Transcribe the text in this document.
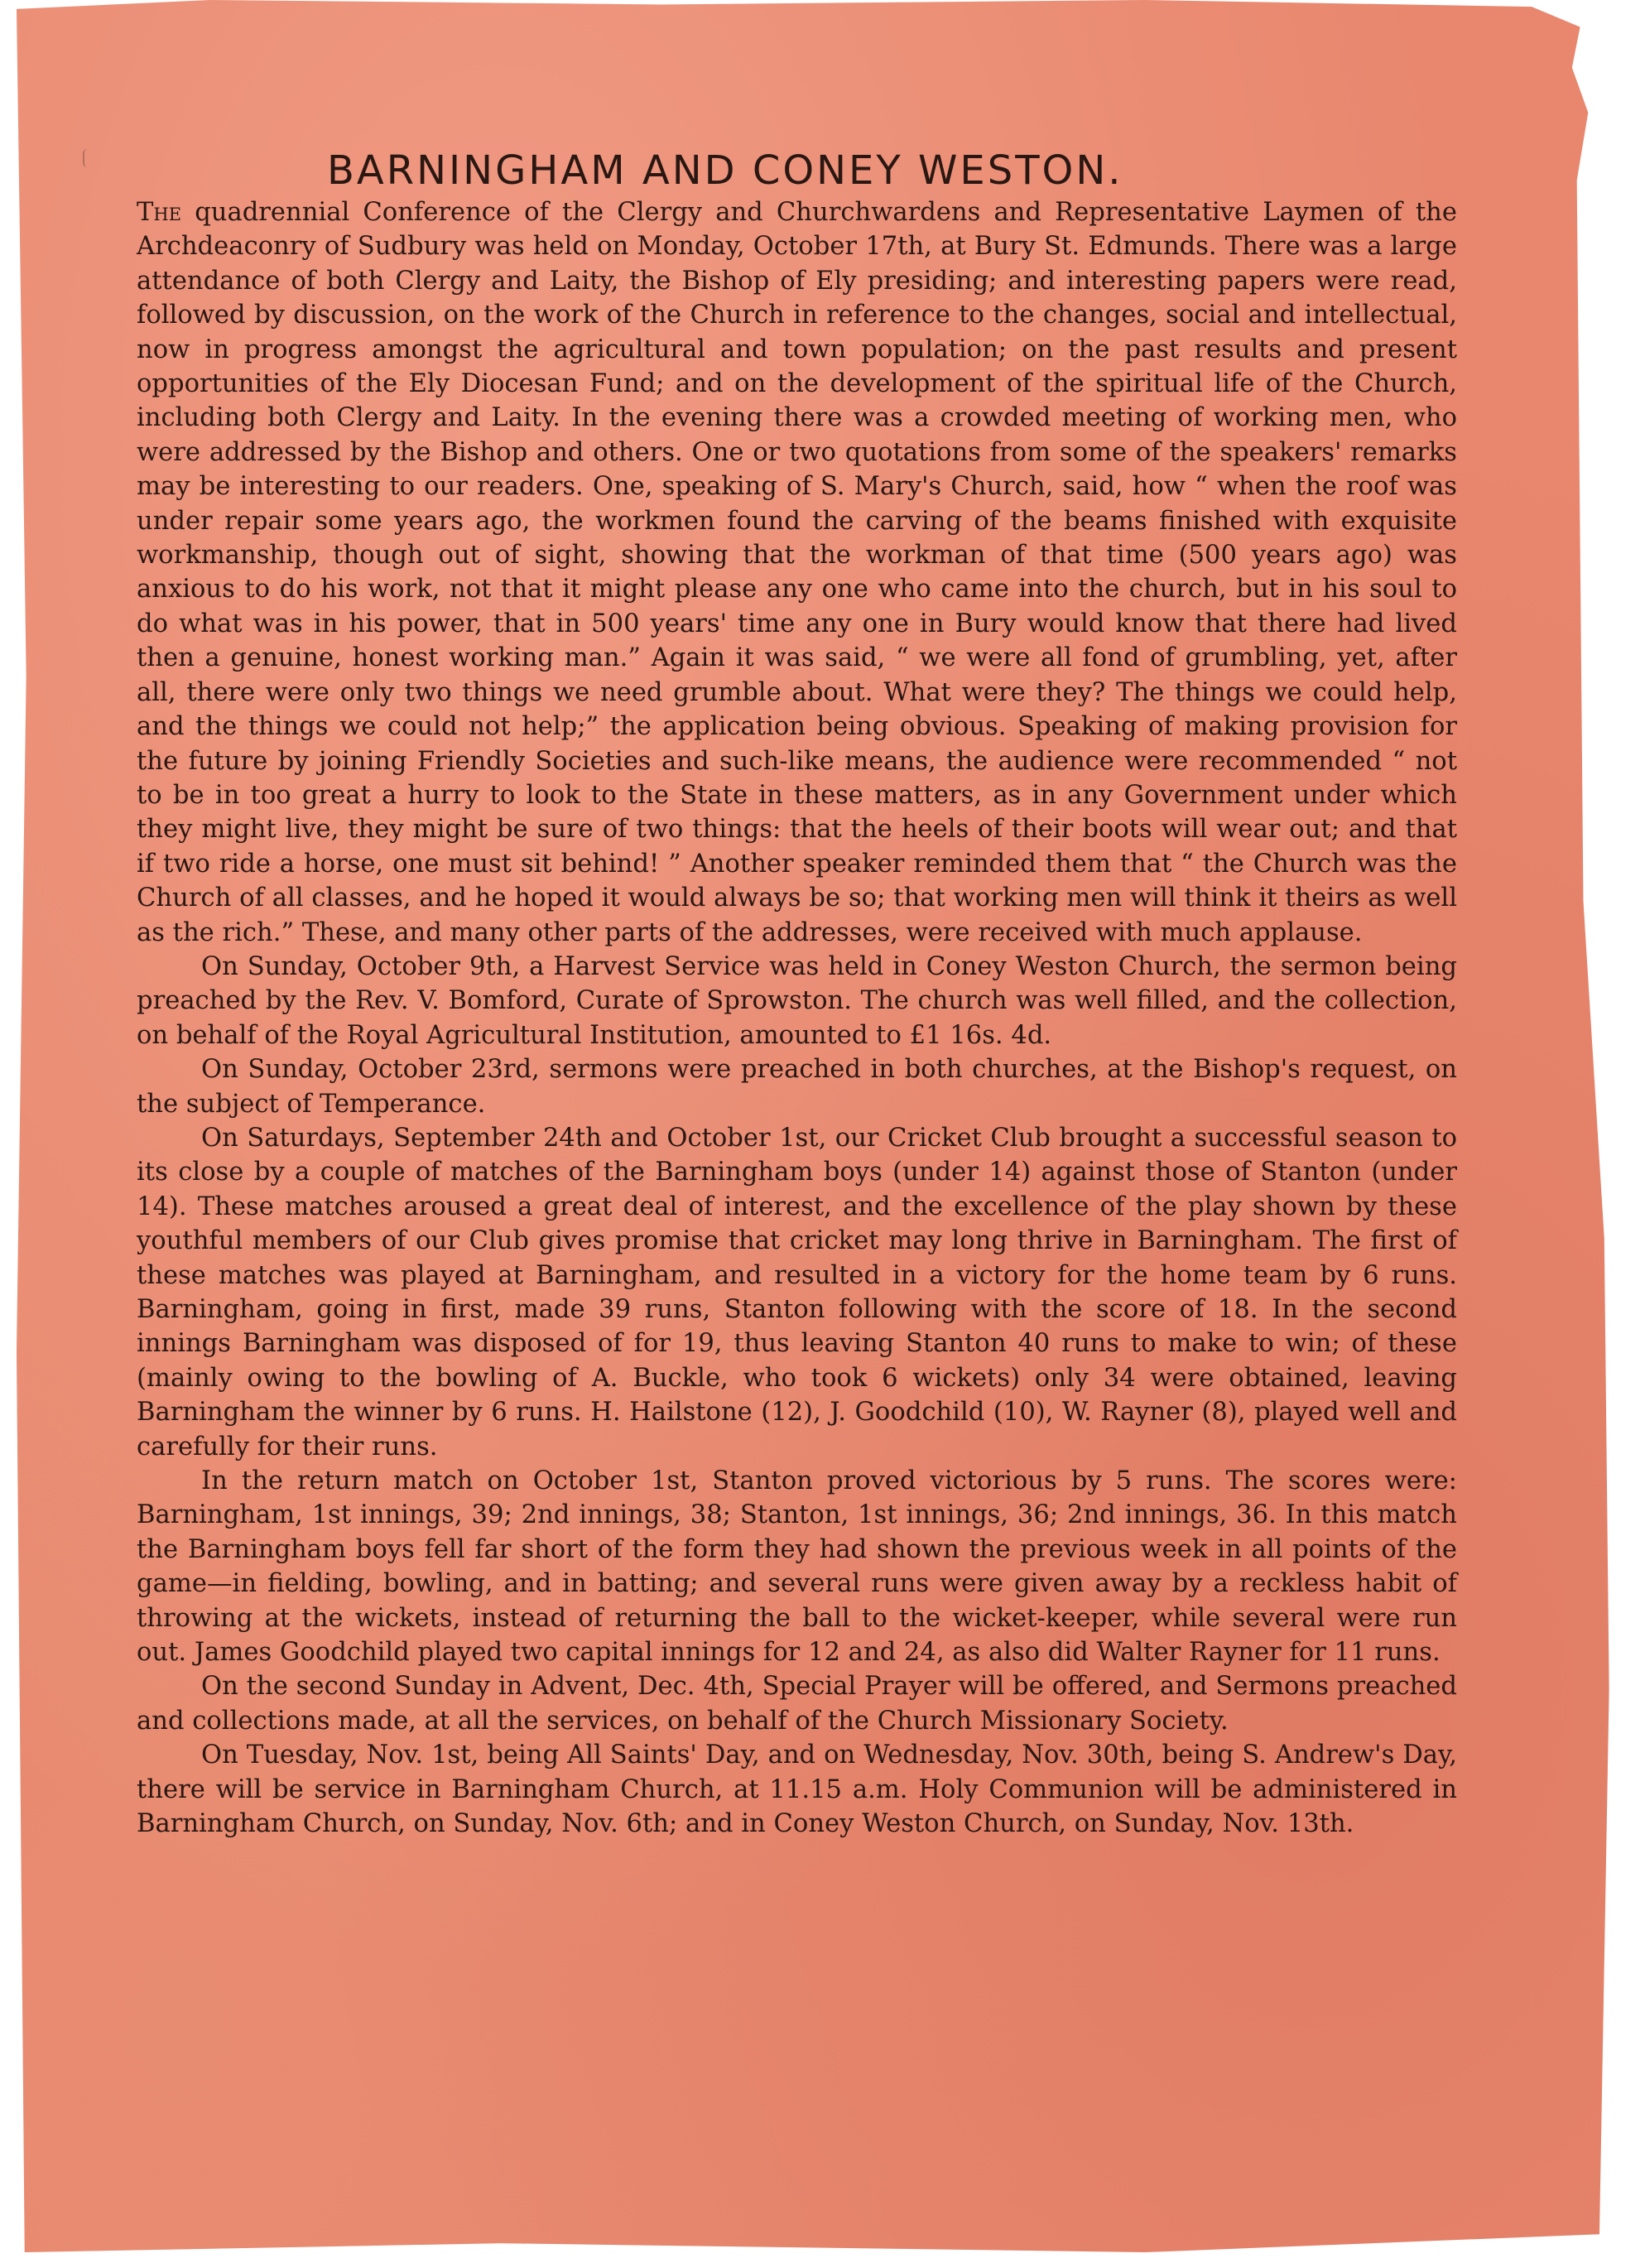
BARNINGHAM AND CONEY WESTON.

The quadrennial Conference of the Clergy and Churchwardens and Representative Laymen of the Archdeaconry of Sudbury was held on Monday, October 17th, at Bury St. Edmunds. There was a large attendance of both Clergy and Laity, the Bishop of Ely presiding; and interesting papers were read, followed by discussion, on the work of the Church in reference to the changes, social and intellectual, now in progress amongst the agricultural and town population; on the past results and present opportunities of the Ely Diocesan Fund; and on the development of the spiritual life of the Church, including both Clergy and Laity. In the evening there was a crowded meeting of working men, who were addressed by the Bishop and others. One or two quotations from some of the speakers' remarks may be interesting to our readers. One, speaking of S. Mary's Church, said, how “ when the roof was under repair some years ago, the workmen found the carving of the beams finished with exquisite workmanship, though out of sight, showing that the workman of that time (500 years ago) was anxious to do his work, not that it might please any one who came into the church, but in his soul to do what was in his power, that in 500 years' time any one in Bury would know that there had lived then a genuine, honest working man.” Again it was said, “ we were all fond of grumbling, yet, after all, there were only two things we need grumble about. What were they? The things we could help, and the things we could not help;” the application being obvious. Speaking of making provision for the future by joining Friendly Societies and such-like means, the audience were recommended “ not to be in too great a hurry to look to the State in these matters, as in any Government under which they might live, they might be sure of two things: that the heels of their boots will wear out; and that if two ride a horse, one must sit behind! ” Another speaker reminded them that “ the Church was the Church of all classes, and he hoped it would always be so; that working men will think it theirs as well as the rich.” These, and many other parts of the addresses, were received with much applause.

On Sunday, October 9th, a Harvest Service was held in Coney Weston Church, the sermon being preached by the Rev. V. Bomford, Curate of Sprowston. The church was well filled, and the collection, on behalf of the Royal Agricultural Institution, amounted to £1 16s. 4d.

On Sunday, October 23rd, sermons were preached in both churches, at the Bishop's request, on the subject of Temperance.

On Saturdays, September 24th and October 1st, our Cricket Club brought a successful season to its close by a couple of matches of the Barningham boys (under 14) against those of Stanton (under 14). These matches aroused a great deal of interest, and the excellence of the play shown by these youthful members of our Club gives promise that cricket may long thrive in Barningham. The first of these matches was played at Barningham, and resulted in a victory for the home team by 6 runs. Barningham, going in first, made 39 runs, Stanton following with the score of 18. In the second innings Barningham was disposed of for 19, thus leaving Stanton 40 runs to make to win; of these (mainly owing to the bowling of A. Buckle, who took 6 wickets) only 34 were obtained, leaving Barningham the winner by 6 runs. H. Hailstone (12), J. Goodchild (10), W. Rayner (8), played well and carefully for their runs.

In the return match on October 1st, Stanton proved victorious by 5 runs. The scores were: Barningham, 1st innings, 39; 2nd innings, 38; Stanton, 1st innings, 36; 2nd innings, 36. In this match the Barningham boys fell far short of the form they had shown the previous week in all points of the game—in fielding, bowling, and in batting; and several runs were given away by a reckless habit of throwing at the wickets, instead of returning the ball to the wicket-keeper, while several were run out. James Goodchild played two capital innings for 12 and 24, as also did Walter Rayner for 11 runs.

On the second Sunday in Advent, Dec. 4th, Special Prayer will be offered, and Sermons preached and collections made, at all the services, on behalf of the Church Missionary Society.

On Tuesday, Nov. 1st, being All Saints' Day, and on Wednesday, Nov. 30th, being S. Andrew's Day, there will be service in Barningham Church, at 11.15 a.m. Holy Communion will be administered in Barningham Church, on Sunday, Nov. 6th; and in Coney Weston Church, on Sunday, Nov. 13th.
